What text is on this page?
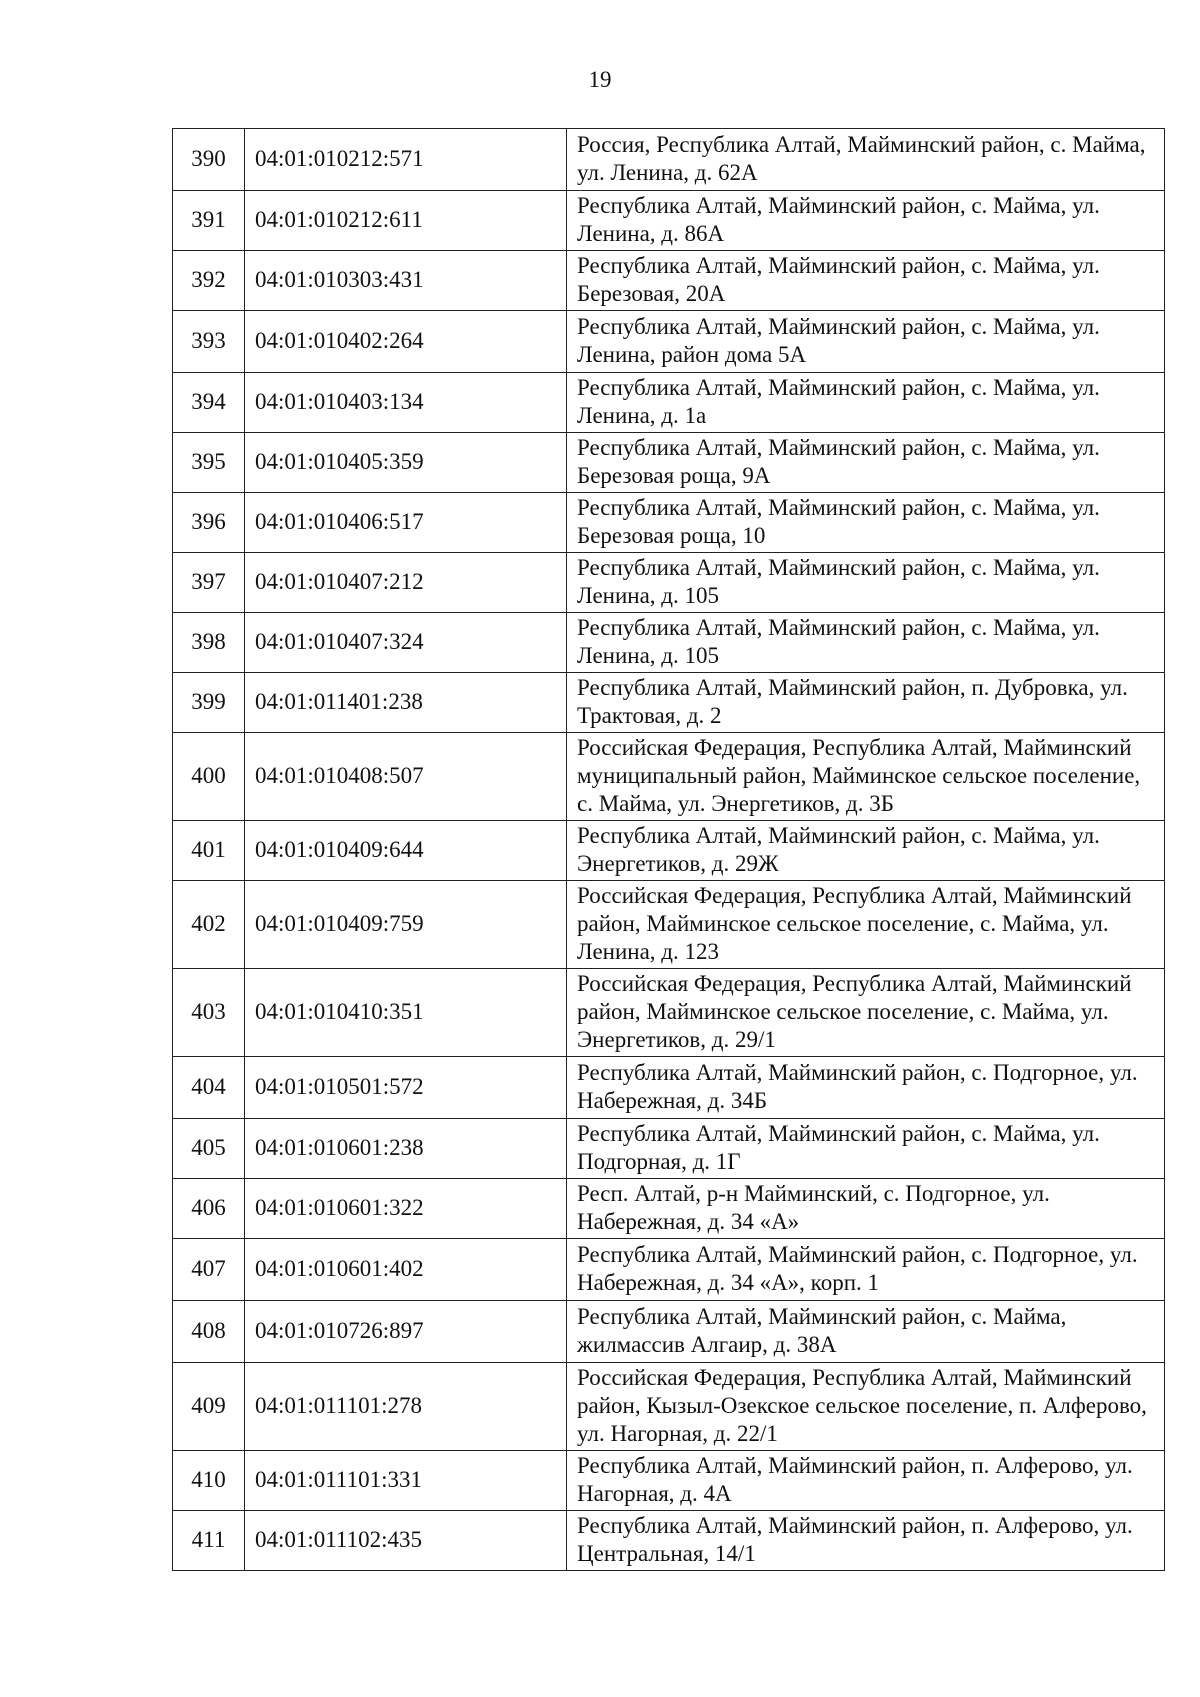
19
390	04:01:010212:571	Россия, Республика Алтай, Майминский район, с. Майма, ул. Ленина, д. 62А
391	04:01:010212:611	Республика Алтай, Майминский район, с. Майма, ул. Ленина, д. 86А
392	04:01:010303:431	Республика Алтай, Майминский район, с. Майма, ул. Березовая, 20А
393	04:01:010402:264	Республика Алтай, Майминский район, с. Майма, ул. Ленина, район дома 5А
394	04:01:010403:134	Республика Алтай, Майминский район, с. Майма, ул. Ленина, д. 1а
395	04:01:010405:359	Республика Алтай, Майминский район, с. Майма, ул. Березовая роща, 9А
396	04:01:010406:517	Республика Алтай, Майминский район, с. Майма, ул. Березовая роща, 10
397	04:01:010407:212	Республика Алтай, Майминский район, с. Майма, ул. Ленина, д. 105
398	04:01:010407:324	Республика Алтай, Майминский район, с. Майма, ул. Ленина, д. 105
399	04:01:011401:238	Республика Алтай, Майминский район, п. Дубровка, ул. Трактовая, д. 2
400	04:01:010408:507	Российская Федерация, Республика Алтай, Майминский муниципальный район, Майминское сельское поселение, с. Майма, ул. Энергетиков, д. 3Б
401	04:01:010409:644	Республика Алтай, Майминский район, с. Майма, ул. Энергетиков, д. 29Ж
402	04:01:010409:759	Российская Федерация, Республика Алтай, Майминский район, Майминское сельское поселение, с. Майма, ул. Ленина, д. 123
403	04:01:010410:351	Российская Федерация, Республика Алтай, Майминский район, Майминское сельское поселение, с. Майма, ул. Энергетиков, д. 29/1
404	04:01:010501:572	Республика Алтай, Майминский район, с. Подгорное, ул. Набережная, д. 34Б
405	04:01:010601:238	Республика Алтай, Майминский район, с. Майма, ул. Подгорная, д. 1Г
406	04:01:010601:322	Респ. Алтай, р-н Майминский, с. Подгорное, ул. Набережная, д. 34 «А»
407	04:01:010601:402	Республика Алтай, Майминский район, с. Подгорное, ул. Набережная, д. 34 «А», корп. 1
408	04:01:010726:897	Республика Алтай, Майминский район, с. Майма, жилмассив Алгаир, д. 38А
409	04:01:011101:278	Российская Федерация, Республика Алтай, Майминский район, Кызыл-Озекское сельское поселение, п. Алферово, ул. Нагорная, д. 22/1
410	04:01:011101:331	Республика Алтай, Майминский район, п. Алферово, ул. Нагорная, д. 4А
411	04:01:011102:435	Республика Алтай, Майминский район, п. Алферово, ул. Центральная, 14/1
